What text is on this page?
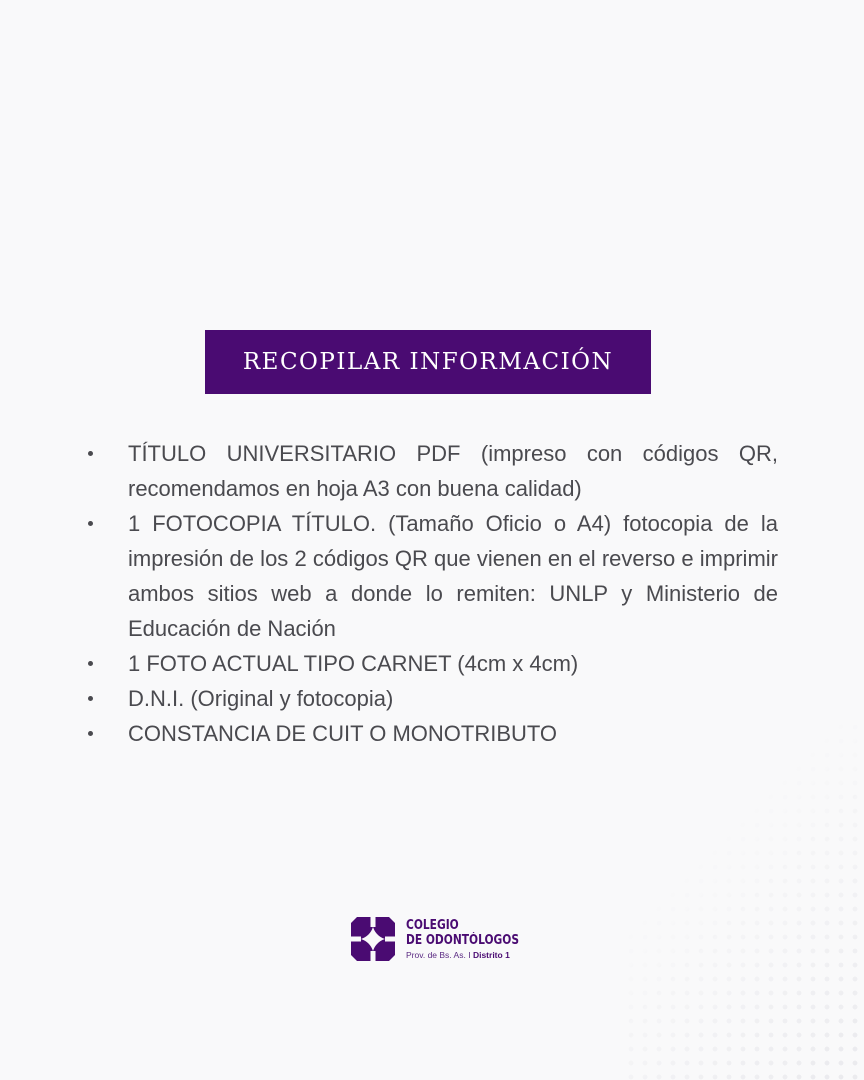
RECOPILAR INFORMACIÓN
TÍTULO UNIVERSITARIO PDF (impreso con códigos QR, recomendamos en hoja A3 con buena calidad)
1 FOTOCOPIA TÍTULO. (Tamaño Oficio o A4) fotocopia de la impresión de los 2 códigos QR que vienen en el reverso e imprimir ambos sitios web a donde lo remiten: UNLP y Ministerio de Educación de Nación
1 FOTO ACTUAL TIPO CARNET (4cm x 4cm)
D.N.I. (Original y fotocopia)
CONSTANCIA DE CUIT O MONOTRIBUTO
COLEGIO
DE ODONTÓLOGOS
Prov. de Bs. As. I Distrito 1
